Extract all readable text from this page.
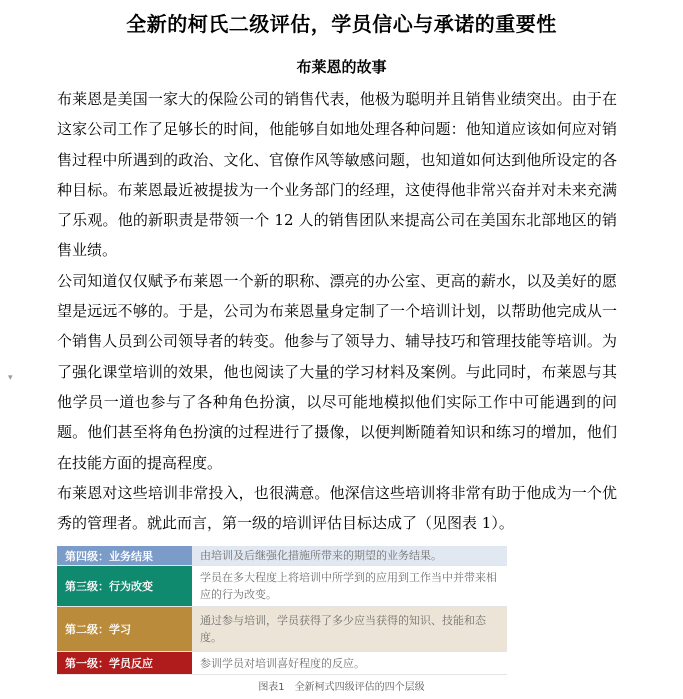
全新的柯氏二级评估，学员信心与承诺的重要性
布莱恩的故事
▾

布莱恩是美国一家大的保险公司的销售代表，他极为聪明并且销售业绩突出。由于在这家公司工作了足够长的时间，他能够自如地处理各种问题：他知道应该如何应对销售过程中所遇到的政治、文化、官僚作风等敏感问题，也知道如何达到他所设定的各种目标。布莱恩最近被提拔为一个业务部门的经理，这使得他非常兴奋并对未来充满了乐观。他的新职责是带领一个 12 人的销售团队来提高公司在美国东北部地区的销售业绩。

公司知道仅仅赋予布莱恩一个新的职称、漂亮的办公室、更高的薪水，以及美好的愿望是远远不够的。于是，公司为布莱恩量身定制了一个培训计划，以帮助他完成从一个销售人员到公司领导者的转变。他参与了领导力、辅导技巧和管理技能等培训。为了强化课堂培训的效果，他也阅读了大量的学习材料及案例。与此同时，布莱恩与其他学员一道也参与了各种角色扮演，以尽可能地模拟他们实际工作中可能遇到的问题。他们甚至将角色扮演的过程进行了摄像，以便判断随着知识和练习的增加，他们在技能方面的提高程度。

布莱恩对这些培训非常投入，也很满意。他深信这些培训将非常有助于他成为一个优秀的管理者。就此而言，第一级的培训评估目标达成了（见图表 1）。

第四级：业务结果	由培训及后继强化措施所带来的期望的业务结果。
第三级：行为改变
学员在多大程度上将培训中所学到的应用到工作当中并带来相应的行为改变。
第二级：学习
通过参与培训，学员获得了多少应当获得的知识、技能和态度。
第一级：学员反应	参训学员对培训喜好程度的反应。
图表1　全新柯式四级评估的四个层级
